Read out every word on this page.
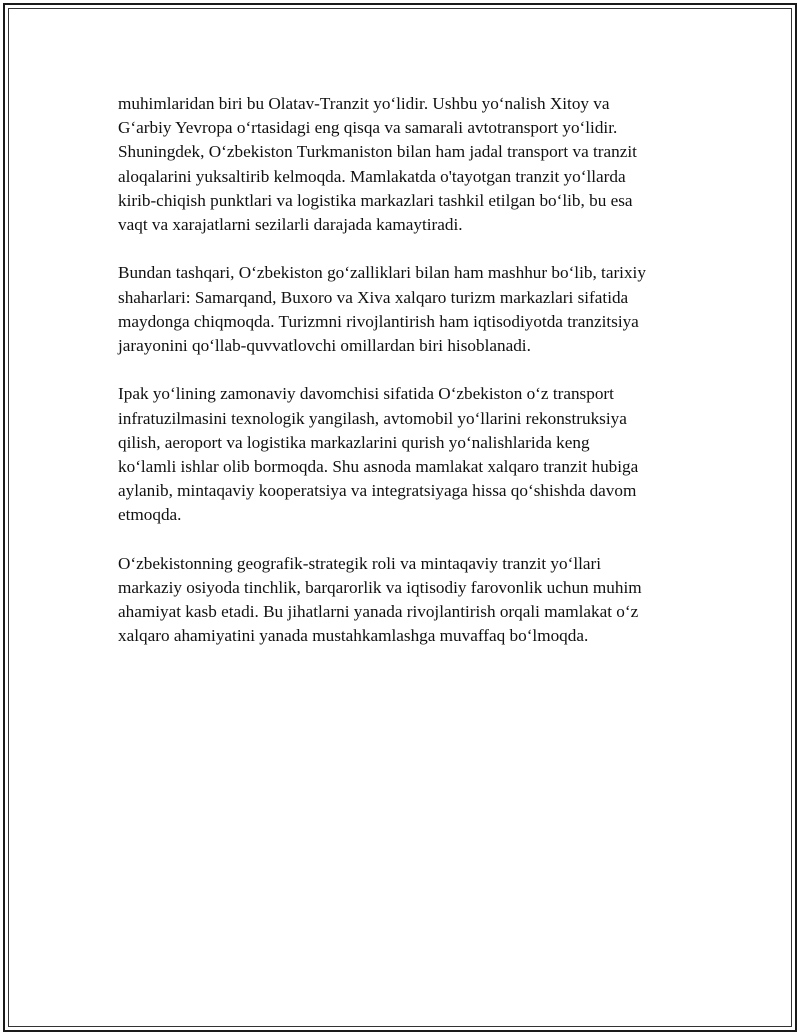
muhimlaridan biri bu Olatav-Tranzit yo‘lidir. Ushbu yo‘nalish Xitoy va
G‘arbiy Yevropa o‘rtasidagi eng qisqa va samarali avtotransport yo‘lidir.
Shuningdek, O‘zbekiston Turkmaniston bilan ham jadal transport va tranzit
aloqalarini yuksaltirib kelmoqda. Mamlakatda o'tayotgan tranzit yo‘llarda
kirib-chiqish punktlari va logistika markazlari tashkil etilgan bo‘lib, bu esa
vaqt va xarajatlarni sezilarli darajada kamaytiradi.

Bundan tashqari, O‘zbekiston go‘zalliklari bilan ham mashhur bo‘lib, tarixiy
shaharlari: Samarqand, Buxoro va Xiva xalqaro turizm markazlari sifatida
maydonga chiqmoqda. Turizmni rivojlantirish ham iqtisodiyotda tranzitsiya
jarayonini qo‘llab-quvvatlovchi omillardan biri hisoblanadi.

Ipak yo‘lining zamonaviy davomchisi sifatida O‘zbekiston o‘z transport
infratuzilmasini texnologik yangilash, avtomobil yo‘llarini rekonstruksiya
qilish, aeroport va logistika markazlarini qurish yo‘nalishlarida keng
ko‘lamli ishlar olib bormoqda. Shu asnoda mamlakat xalqaro tranzit hubiga
aylanib, mintaqaviy kooperatsiya va integratsiyaga hissa qo‘shishda davom
etmoqda.

O‘zbekistonning geografik-strategik roli va mintaqaviy tranzit yo‘llari
markaziy osiyoda tinchlik, barqarorlik va iqtisodiy farovonlik uchun muhim
ahamiyat kasb etadi. Bu jihatlarni yanada rivojlantirish orqali mamlakat o‘z
xalqaro ahamiyatini yanada mustahkamlashga muvaffaq bo‘lmoqda.
